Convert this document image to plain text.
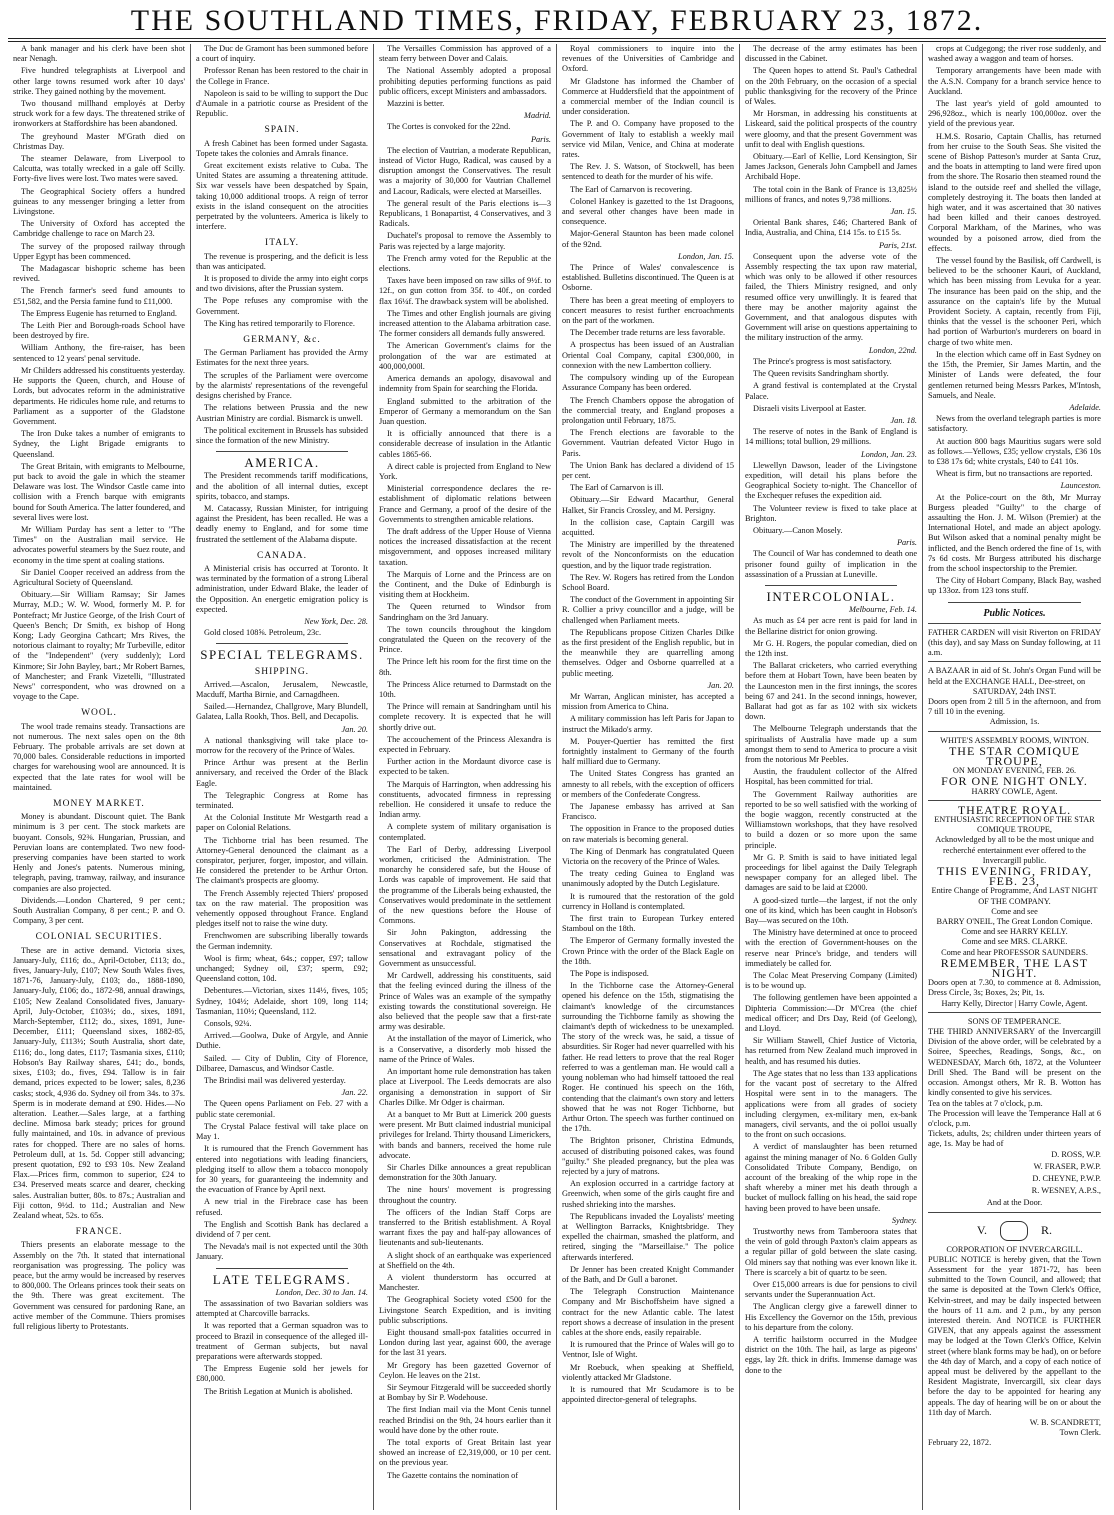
THE SOUTHLAND TIMES, FRIDAY, FEBRUARY 23, 1872.

A bank manager and his clerk have been shot near Nenagh.

Five hundred telegraphists at Liverpool and other large towns resumed work after 10 days' strike. They gained nothing by the movement.

Two thousand millhand employés at Derby struck work for a few days. The threatened strike of ironworkers at Staffordshire has been abandoned.

The greyhound Master M'Grath died on Christmas Day.

The steamer Delaware, from Liverpool to Calcutta, was totally wrecked in a gale off Scilly. Forty-five lives were lost. Two mates were saved.

The Geographical Society offers a hundred guineas to any messenger bringing a letter from Livingstone.

The University of Oxford has accepted the Cambridge challenge to race on March 23.

The survey of the proposed railway through Upper Egypt has been commenced.

The Madagascar bishopric scheme has been revived.

The French farmer's seed fund amounts to £51,582, and the Persia famine fund to £11,000.

The Empress Eugenie has returned to England.

The Leith Pier and Borough-roads School have been destroyed by fire.

William Anthony, the fire-raiser, has been sentenced to 12 years' penal servitude.

Mr Childers addressed his constituents yesterday. He supports the Queen, church, and House of Lords, but advocates reform in the administrative departments. He ridicules home rule, and returns to Parliament as a supporter of the Gladstone Government.

The Iron Duke takes a number of emigrants to Sydney, the Light Brigade emigrants to Queensland.

The Great Britain, with emigrants to Melbourne, put back to avoid the gale in which the steamer Delaware was lost. The Windsor Castle came into collision with a French barque with emigrants bound for South America. The latter foundered, and several lives were lost.

Mr William Purday has sent a letter to "The Times" on the Australian mail service. He advocates powerful steamers by the Suez route, and economy in the time spent at coaling stations.

Sir Daniel Cooper received an address from the Agricultural Society of Queensland.

Obituary.—Sir William Ramsay; Sir James Murray, M.D.; W. W. Wood, formerly M. P. for Pontefract; Mr Justice George, of the Irish Court of Queen's Bench; Dr Smith, ex bishop of Hong Kong; Lady Georgina Cathcart; Mrs Rives, the notorious claimant to royalty; Mr Turbeville, editor of the "Independent" (very suddenly); Lord Kinmore; Sir John Bayley, bart.; Mr Robert Barnes, of Manchester; and Frank Vizetelli, "Illustrated News" correspondent, who was drowned on a voyage to the Cape.

WOOL.

The wool trade remains steady. Transactions are not numerous. The next sales open on the 8th February. The probable arrivals are set down at 70,000 bales. Considerable reductions in imported charges for warehousing wool are announced. It is expected that the late rates for wool will be maintained.

MONEY MARKET.

Money is abundant. Discount quiet. The Bank minimum is 3 per cent. The stock markets are buoyant. Consols, 92⅜. Hungarian, Prussian, and Peruvian loans are contemplated. Two new food-preserving companies have been started to work Henly and Jones's patents. Numerous mining, telegraph, paving, tramway, railway, and insurance companies are also projected.

Dividends.—London Chartered, 9 per cent.; South Australian Company, 8 per cent.; P. and O. Company, 3 per cent.

COLONIAL SECURITIES.

These are in active demand. Victoria sixes, January-July, £116; do., April-October, £113; do., fives, January-July, £107; New South Wales fives, 1871-76, January-July, £103; do., 1888-1890, January-July, £106; do., 1872-98, annual drawings, £105; New Zealand Consolidated fives, January-April, July-October, £103½; do., sixes, 1891, March-September, £112; do., sixes, 1891, June-December, £111; Queensland sixes, 1882-85, January-July, £113½; South Australia, short date, £116; do., long dates, £117; Tasmania sixes, £110; Hobson's Bay Railway shares, £41; do., bonds, sixes, £103; do., fives, £94. Tallow is in fair demand, prices expected to be lower; sales, 8,236 casks; stock, 4,936 do. Sydney oil from 34s. to 37s. Sperm is in moderate demand at £90. Hides.—No alteration. Leather.—Sales large, at a farthing decline. Mimosa bark steady; prices for ground fully maintained, and 10s. in advance of previous rates for chopped. There are no sales of horns. Petroleum dull, at 1s. 5d. Copper still advancing; present quotation, £92 to £93 10s. New Zealand Flax.—Prices firm, common to superior, £24 to £34. Preserved meats scarce and dearer, checking sales. Australian butter, 80s. to 87s.; Australian and Fiji cotton, 9½d. to 11d.; Australian and New Zealand wheat, 52s. to 65s.

FRANCE.

Thiers presents an elaborate message to the Assembly on the 7th. It stated that international reorganisation was progressing. The policy was peace, but the army would be increased by reserves to 800,000. The Orleans princes took their seats on the 9th. There was great excitement. The Government was censured for pardoning Rane, an active member of the Commune. Thiers promises full religious liberty to Protestants.

The Duc de Gramont has been summoned before a court of inquiry.

Professor Renan has been restored to the chair in the College in France.

Napoleon is said to be willing to support the Duc d'Aumale in a patriotic course as President of the Republic.

SPAIN.

A fresh Cabinet has been formed under Sagasta. Topete takes the colonies and Amrals finance.

Great excitement exists relative to Cuba. The United States are assuming a threatening attitude. Six war vessels have been despatched by Spain, taking 10,000 additional troops. A reign of terror exists in the island consequent on the atrocities perpetrated by the volunteers. America is likely to interfere.

ITALY.

The revenue is prospering, and the deficit is less than was anticipated.

It is proposed to divide the army into eight corps and two divisions, after the Prussian system.

The Pope refuses any compromise with the Government.

The King has retired temporarily to Florence.

GERMANY, &c.

The German Parliament has provided the Army Estimates for the next three years.

The scruples of the Parliament were overcome by the alarmists' representations of the revengeful designs cherished by France.

The relations between Prussia and the new Austrian Ministry are cordial. Bismarck is unwell.

The political excitement in Brussels has subsided since the formation of the new Ministry.

AMERICA.

The President recommends tariff modifications, and the abolition of all internal duties, except spirits, tobacco, and stamps.

M. Catacassy, Russian Minister, for intriguing against the President, has been recalled. He was a deadly enemy to England, and for some time frustrated the settlement of the Alabama dispute.

CANADA.

A Ministerial crisis has occurred at Toronto. It was terminated by the formation of a strong Liberal administration, under Edward Blake, the leader of the Opposition. An energetic emigration policy is expected.

New York, Dec. 28.

Gold closed 108⅝. Petroleum, 23c.

SPECIAL TELEGRAMS.
SHIPPING.

Arrived.—Ascalon, Jerusalem, Newcastle, Macduff, Martha Birnie, and Carnagdheen.

Sailed.—Hernandez, Challgrove, Mary Blundell, Galatea, Lalla Rookh, Thos. Bell, and Decapolis.

Jan. 20.

A national thanksgiving will take place to-morrow for the recovery of the Prince of Wales.

Prince Arthur was present at the Berlin anniversary, and received the Order of the Black Eagle.

The Telegraphic Congress at Rome has terminated.

At the Colonial Institute Mr Westgarth read a paper on Colonial Relations.

The Tichborne trial has been resumed. The Attorney-General denounced the claimant as a conspirator, perjurer, forger, impostor, and villain. He considered the pretender to be Arthur Orton. The claimant's prospects are gloomy.

The French Assembly rejected Thiers' proposed tax on the raw material. The proposition was vehemently opposed throughout France. England pledges itself not to raise the wine duty.

Frenchwomen are subscribing liberally towards the German indemnity.

Wool is firm; wheat, 64s.; copper, £97; tallow unchanged; Sydney oil, £37; sperm, £92; Queensland cotton, 10d.

Debentures.—Victorian, sixes 114½, fives, 105; Sydney, 104½; Adelaide, short 109, long 114; Tasmanian, 110½; Queensland, 112.

Consols, 92¼.

Arrived.—Goolwa, Duke of Argyle, and Annie Duthie.

Sailed. — City of Dublin, City of Florence, Dilbaree, Damascus, and Windsor Castle.

The Brindisi mail was delivered yesterday.

Jan. 22.

The Queen opens Parliament on Feb. 27 with a public state ceremonial.

The Crystal Palace festival will take place on May 1.

It is rumoured that the French Government has entered into negotiations with leading financiers, pledging itself to allow them a tobacco monopoly for 30 years, for guaranteeing the indemnity and the evacuation of France by April next.

A new trial in the Firebrace case has been refused.

The English and Scottish Bank has declared a dividend of 7 per cent.

The Nevada's mail is not expected until the 30th January.

LATE TELEGRAMS.
London, Dec. 30 to Jan. 14.

The assassination of two Bavarian soldiers was attempted at Charcoville barracks.

It was reported that a German squadron was to proceed to Brazil in consequence of the alleged ill-treatment of German subjects, but naval preparations were afterwards stopped.

The Empress Eugenie sold her jewels for £80,000.

The British Legation at Munich is abolished.

The Versailles Commission has approved of a steam ferry between Dover and Calais.

The National Assembly adopted a proposal prohibiting deputies performing functions as paid public officers, except Ministers and ambassadors.

Mazzini is better.

Madrid.

The Cortes is convoked for the 22nd.

Paris.

The election of Vautrian, a moderate Republican, instead of Victor Hugo, Radical, was caused by a disruption amongst the Conservatives. The result was a majority of 30,000 for Vautrian Challemel and Lacour, Radicals, were elected at Marseilles.

The general result of the Paris elections is—3 Republicans, 1 Bonapartist, 4 Conservatives, and 3 Radicals.

Duchatel's proposal to remove the Assembly to Paris was rejected by a large majority.

The French army voted for the Republic at the elections.

Taxes have been imposed on raw silks of 9½f. to 12f., on gun cotton from 35f. to 40f., on corded flax 16¼f. The drawback system will be abolished.

The Times and other English journals are giving increased attention to the Alabama arbitration case. The former considers all demands fully answered.

The American Government's claims for the prolongation of the war are estimated at 400,000,000l.

America demands an apology, disavowal and indemnity from Spain for searching the Florida.

England submitted to the arbitration of the Emperor of Germany a memorandum on the San Juan question.

It is officially announced that there is a considerable decrease of insulation in the Atlantic cables 1865-66.

A direct cable is projected from England to New York.

Ministerial correspondence declares the re-establishment of diplomatic relations between France and Germany, a proof of the desire of the Governments to strengthen amicable relations.

The draft address of the Upper House of Vienna notices the increased dissatisfaction at the recent misgovernment, and opposes increased military taxation.

The Marquis of Lorne and the Princess are on the Continent, and the Duke of Edinburgh is visiting them at Hockheim.

The Queen returned to Windsor from Sandringham on the 3rd January.

The town councils throughout the kingdom congratulated the Queen on the recovery of the Prince.

The Prince left his room for the first time on the 8th.

The Princess Alice returned to Darmstadt on the 10th.

The Prince will remain at Sandringham until his complete recovery. It is expected that he will shortly drive out.

The accouchement of the Princess Alexandra is expected in February.

Further action in the Mordaunt divorce case is expected to be taken.

The Marquis of Harrington, when addressing his constituents, advocated firmness in repressing rebellion. He considered it unsafe to reduce the Indian army.

A complete system of military organisation is contemplated.

The Earl of Derby, addressing Liverpool workmen, criticised the Administration. The monarchy he considered safe, but the House of Lords was capable of improvement. He said that the programme of the Liberals being exhausted, the Conservatives would predominate in the settlement of the new questions before the House of Commons.

Sir John Pakington, addressing the Conservatives at Rochdale, stigmatised the sensational and extravagant policy of the Government as unsuccessful.

Mr Cardwell, addressing his constituents, said that the feeling evinced during the illness of the Prince of Wales was an example of the sympathy existing towards the constitutional sovereign. He also believed that the people saw that a first-rate army was desirable.

At the installation of the mayor of Limerick, who is a Conservative, a disorderly mob hissed the name of the Prince of Wales.

An important home rule demonstration has taken place at Liverpool. The Leeds democrats are also organising a demonstration in support of Sir Charles Dilke. Mr Odger is chairman.

At a banquet to Mr Butt at Limerick 200 guests were present. Mr Butt claimed industrial municipal privileges for Ireland. Thirty thousand Limerickers, with bands and banners, received the home rule advocate.

Sir Charles Dilke announces a great republican demonstration for the 30th January.

The nine hours' movement is progressing throughout the country.

The officers of the Indian Staff Corps are transferred to the British establishment. A Royal warrant fixes the pay and half-pay allowances of lieutenants and sub-lieutenants.

A slight shock of an earthquake was experienced at Sheffield on the 4th.

A violent thunderstorm has occurred at Manchester.

The Geographical Society voted £500 for the Livingstone Search Expedition, and is inviting public subscriptions.

Eight thousand small-pox fatalities occurred in London during last year, against 600, the average for the last 31 years.

Mr Gregory has been gazetted Governor of Ceylon. He leaves on the 21st.

Sir Seymour Fitzgerald will be succeeded shortly at Bombay by Sir P. Wodehouse.

The first Indian mail via the Mont Cenis tunnel reached Brindisi on the 9th, 24 hours earlier than it would have done by the other route.

The total exports of Great Britain last year showed an increase of £2,319,000, or 10 per cent. on the previous year.

The Gazette contains the nomination of

Royal commissioners to inquire into the revenues of the Universities of Cambridge and Oxford.

Mr Gladstone has informed the Chamber of Commerce at Huddersfield that the appointment of a commercial member of the Indian council is under consideration.

The P. and O. Company have proposed to the Government of Italy to establish a weekly mail service vid Milan, Venice, and China at moderate rates.

The Rev. J. S. Watson, of Stockwell, has been sentenced to death for the murder of his wife.

The Earl of Carnarvon is recovering.

Colonel Hankey is gazetted to the 1st Dragoons, and several other changes have been made in consequence.

Major-General Staunton has been made colonel of the 92nd.

London, Jan. 15.

The Prince of Wales' convalescence is established. Bulletins discontinued. The Queen is at Osborne.

There has been a great meeting of employers to concert measures to resist further encroachments on the part of the workmen.

The December trade returns are less favorable.

A prospectus has been issued of an Australian Oriental Coal Company, capital £300,000, in connexion with the new Lambertton colliery.

The compulsory winding up of the European Assurance Company has been ordered.

The French Chambers oppose the abrogation of the commercial treaty, and England proposes a prolongation until February, 1875.

The French elections are favorable to the Government. Vautrian defeated Victor Hugo in Paris.

The Union Bank has declared a dividend of 15 per cent.

The Earl of Carnarvon is ill.

Obituary.—Sir Edward Macarthur, General Halket, Sir Francis Crossley, and M. Persigny.

In the collision case, Captain Cargill was acquitted.

The Ministry are imperilled by the threatened revolt of the Nonconformists on the education question, and by the liquor trade registration.

The Rev. W. Rogers has retired from the London School Board.

The conduct of the Government in appointing Sir R. Collier a privy councillor and a judge, will be challenged when Parliament meets.

The Republicans propose Citizen Charles Dilke as the first president of the English republic, but in the meanwhile they are quarrelling among themselves. Odger and Osborne quarrelled at a public meeting.

Jan. 20.

Mr Warran, Anglican minister, has accepted a mission from America to China.

A military commission has left Paris for Japan to instruct the Mikado's army.

M. Pouyer-Quertier has remitted the first fortnightly instalment to Germany of the fourth half milliard due to Germany.

The United States Congress has granted an amnesty to all rebels, with the exception of officers or members of the Confederate Congress.

The Japanese embassy has arrived at San Francisco.

The opposition in France to the proposed duties on raw materials is becoming general.

The King of Denmark has congratulated Queen Victoria on the recovery of the Prince of Wales.

The treaty ceding Guinea to England was unanimously adopted by the Dutch Legislature.

It is rumoured that the restoration of the gold currency in Holland is contemplated.

The first train to European Turkey entered Stamboul on the 18th.

The Emperor of Germany formally invested the Crown Prince with the order of the Black Eagle on the 18th.

The Pope is indisposed.

In the Tichborne case the Attorney-General opened his defence on the 15th, stigmatising the claimant's knowledge of the circumstances surrounding the Tichborne family as showing the claimant's depth of wickedness to be unexampled. The story of the wreck was, he said, a tissue of absurdities. Sir Roger had never quarrelled with his father. He read letters to prove that the real Roger referred to was a gentleman man. He would call a young nobleman who had himself tattooed the real Roger. He continued his speech on the 16th, contending that the claimant's own story and letters showed that he was not Roger Tichborne, but Arthur Orton. The speech was further continued on the 17th.

The Brighton prisoner, Christina Edmunds, accused of distributing poisoned cakes, was found "guilty." She pleaded pregnancy, but the plea was rejected by a jury of matrons.

An explosion occurred in a cartridge factory at Greenwich, when some of the girls caught fire and rushed shrieking into the marshes.

The Republicans invaded the Loyalists' meeting at Wellington Barracks, Knightsbridge. They expelled the chairman, smashed the platform, and retired, singing the "Marseillaise." The police afterwards interfered.

Dr Jenner has been created Knight Commander of the Bath, and Dr Gull a baronet.

The Telegraph Construction Maintenance Company and Mr Bischoffsheim have signed a contract for the new Atlantic cable. The latest report shows a decrease of insulation in the present cables at the shore ends, easily repairable.

It is rumoured that the Prince of Wales will go to Ventnor, Isle of Wight.

Mr Roebuck, when speaking at Sheffield, violently attacked Mr Gladstone.

It is rumoured that Mr Scudamore is to be appointed director-general of telegraphs.

The decrease of the army estimates has been discussed in the Cabinet.

The Queen hopes to attend St. Paul's Cathedral on the 20th February, on the occasion of a special public thanksgiving for the recovery of the Prince of Wales.

Mr Horsman, in addressing his constituents at Liskeard, said the political prospects of the country were gloomy, and that the present Government was unfit to deal with English questions.

Obituary.—Earl of Kellie, Lord Kensington, Sir James Jackson, Generals John Campbell and James Archibald Hope.

The total coin in the Bank of France is 13,825½ millions of francs, and notes 9,738 millions.

Jan. 15.

Oriental Bank shares, £46; Chartered Bank of India, Australia, and China, £14 15s. to £15 5s.

Paris, 21st.

Consequent upon the adverse vote of the Assembly respecting the tax upon raw material, which was only to be allowed if other resources failed, the Thiers Ministry resigned, and only resumed office very unwillingly. It is feared that there may be another majority against the Government, and that analogous disputes with Government will arise on questions appertaining to the military instruction of the army.

London, 22nd.

The Prince's progress is most satisfactory.

The Queen revisits Sandringham shortly.

A grand festival is contemplated at the Crystal Palace.

Disraeli visits Liverpool at Easter.

Jan. 18.

The reserve of notes in the Bank of England is 14 millions; total bullion, 29 millions.

London, Jan. 23.

Llewellyn Dawson, leader of the Livingstone expedition, will detail his plans before the Geographical Society to-night. The Chancellor of the Exchequer refuses the expedition aid.

The Volunteer review is fixed to take place at Brighton.

Obituary.—Canon Mosely.

Paris.

The Council of War has condemned to death one prisoner found guilty of implication in the assassination of a Prussian at Luneville.

INTERCOLONIAL.
Melbourne, Feb. 14.

As much as £4 per acre rent is paid for land in the Bellarine district for onion growing.

Mr G. H. Rogers, the popular comedian, died on the 12th inst.

The Ballarat cricketers, who carried everything before them at Hobart Town, have been beaten by the Launceston men in the first innings, the scores being 67 and 241. In the second innings, however, Ballarat had got as far as 102 with six wickets down.

The Melbourne Telegraph understands that the spiritualists of Australia have made up a sum amongst them to send to America to procure a visit from the notorious Mr Peebles.

Austin, the fraudulent collector of the Alfred Hospital, has been committed for trial.

The Government Railway authorities are reported to be so well satisfied with the working of the bogie waggon, recently constructed at the Williamstown workshops, that they have resolved to build a dozen or so more upon the same principle.

Mr G. P. Smith is said to have initiated legal proceedings for libel against the Daily Telegraph newspaper company for an alleged libel. The damages are said to be laid at £2000.

A good-sized turtle—the largest, if not the only one of its kind, which has been caught in Hobson's Bay—was secured on the 10th.

The Ministry have determined at once to proceed with the erection of Government-houses on the reserve near Prince's bridge, and tenders will immediately be called for.

The Colac Meat Preserving Company (Limited) is to be wound up.

The following gentlemen have been appointed a Diphteria Commission:—Dr M'Crea (the chief medical officer; and Drs Day, Reid (of Geelong), and Lloyd.

Sir William Stawell, Chief Justice of Victoria, has returned from New Zealand much improved in health, and has resumed his duties.

The Age states that no less than 133 applications for the vacant post of secretary to the Alfred Hospital were sent in to the managers. The applications were from all grades of society including clergymen, ex-military men, ex-bank managers, civil servants, and the oi polloi usually to the front on such occasions.

A verdict of manslaughter has been returned against the mining manager of No. 6 Golden Gully Consolidated Tribute Company, Bendigo, on account of the breaking of the whip rope in the shaft whereby a miner met his death through a bucket of mullock falling on his head, the said rope having been proved to have been unsafe.

Sydney.

Trustworthy news from Tamberoora states that the vein of gold through Paxton's claim appears as a regular pillar of gold between the slate casing. Old miners say that nothing was ever known like it. There is scarcely a bit of quartz to be seen.

Over £15,000 arrears is due for pensions to civil servants under the Superannuation Act.

The Anglican clergy give a farewell dinner to His Excellency the Governor on the 15th, previous to his departure from the colony.

A terrific hailstorm occurred in the Mudgee district on the 10th. The hail, as large as pigeons' eggs, lay 2ft. thick in drifts. Immense damage was done to the

crops at Cudgegong; the river rose suddenly, and washed away a waggon and team of horses.

Temporary arrangements have been made with the A.S.N. Company for a branch service hence to Auckland.

The last year's yield of gold amounted to 296,928oz., which is nearly 100,000oz. over the yield of the previous year.

H.M.S. Rosario, Captain Challis, has returned from her cruise to the South Seas. She visited the scene of Bishop Patteson's murder at Santa Cruz, and the boats in attempting to land were fired upon from the shore. The Rosario then steamed round the island to the outside reef and shelled the village, completely destroying it. The boats then landed at high water, and it was ascertained that 30 natives had been killed and their canoes destroyed. Corporal Markham, of the Marines, who was wounded by a poisoned arrow, died from the effects.

The vessel found by the Basilisk, off Cardwell, is believed to be the schooner Kauri, of Auckland, which has been missing from Levuka for a year. The insurance has been paid on the ship, and the assurance on the captain's life by the Mutual Provident Society. A captain, recently from Fiji, thinks that the vessel is the schooner Peri, which had portion of Warburton's murderers on board in charge of two white men.

In the election which came off in East Sydney on the 15th, the Premier, Sir James Martin, and the Minister of Lands were defeated, the four gentlemen returned being Messrs Parkes, M'Intosh, Samuels, and Neale.

Adelaide.

News from the overland telegraph parties is more satisfactory.

At auction 800 bags Mauritius sugars were sold as follows.—Yellows, £35; yellow crystals, £36 10s to £38 17s 6d; white crystals, £40 to £41 10s.

Wheat is firm, but no transactions are reported.

Launceston.

At the Police-court on the 8th, Mr Murray Burgess pleaded "Guilty" to the charge of assaulting the Hon. J. M. Wilson (Premier) at the International Hotel, and made an abject apology. But Wilson asked that a nominal penalty might be inflicted, and the Bench ordered the fine of 1s, with 7s 6d costs. Mr Burgess attributed his discharge from the school inspectorship to the Premier.

The City of Hobart Company, Black Bay, washed up 133oz. from 123 tons stuff.

Public Notices.
FATHER CARDEN will visit Riverton on FRIDAY (this day), and say Mass on Sunday following, at 11 a.m.
A BAZAAR in aid of St. John's Organ Fund will be held at the EXCHANGE HALL, Dee-street, on
SATURDAY, 24th INST.
Doors open from 2 till 5 in the afternoon, and from 7 till 10 in the evening.
Admission, 1s.
WHITE'S ASSEMBLY ROOMS, WINTON.
THE STAR COMIQUE TROUPE,
ON MONDAY EVENING, FEB. 26.
FOR ONE NIGHT ONLY.
HARRY COWLE, Agent.
THEATRE ROYAL.
ENTHUSIASTIC RECEPTION OF THE STAR COMIQUE TROUPE,
Acknowledged by all to be the most unique and recherché entertainment ever offered to the Invercargill public.
THIS EVENING, FRIDAY, FEB. 23,
Entire Change of Programme, And LAST NIGHT OF THE COMPANY.
Come and see
BARRY O'NEIL, The Great London Comique.
Come and see HARRY KELLY.
Come and see MRS. CLARKE.
Come and hear PROFESSOR SAUNDERS.
REMEMBER, THE LAST NIGHT.
Doors open at 7.30, to commence at 8. Admission, Dress Circle, 3s; Boxes, 2s; Pit, 1s.
Harry Kelly, Director | Harry Cowle, Agent.
SONS OF TEMPERANCE.
THE THIRD ANNIVERSARY of the Invercargill Division of the above order, will be celebrated by a Soiree, Speeches, Readings, Songs, &c., on WEDNESDAY, March 6th, 1872, at the Volunteer Drill Shed. The Band will be present on the occasion. Amongst others, Mr R. B. Wotton has kindly consented to give his services.
Tea on the tables at 7 o'clock, p.m.
The Procession will leave the Temperance Hall at 6 o'clock, p.m.
Tickets, adults, 2s; children under thirteen years of age, 1s. May be had of

D. ROSS, W.P.

W. FRASER, P.W.P.

D. CHEYNE, P.W.P.

R. WESNEY, A.P.S.,

And at the Door.
V.	R.
CORPORATION OF INVERCARGILL.
PUBLIC NOTICE is hereby given, that the Town Assessment for the year 1871-72, has been submitted to the Town Council, and allowed; that the same is deposited at the Town Clerk's Office, Kelvin-street, and may be daily inspected between the hours of 11 a.m. and 2 p.m., by any person interested therein. And NOTICE is FURTHER GIVEN, that any appeals against the assessment may be lodged at the Town Clerk's Office, Kelvin street (where blank forms may be had), on or before the 4th day of March, and a copy of each notice of appeal must be delivered by the appellant to the Resident Magistrate, Invercargill, six clear days before the day to be appointed for hearing any appeals. The day of hearing will be on or about the 11th day of March.
W. B. SCANDRETT,
Town Clerk.
February 22, 1872.
